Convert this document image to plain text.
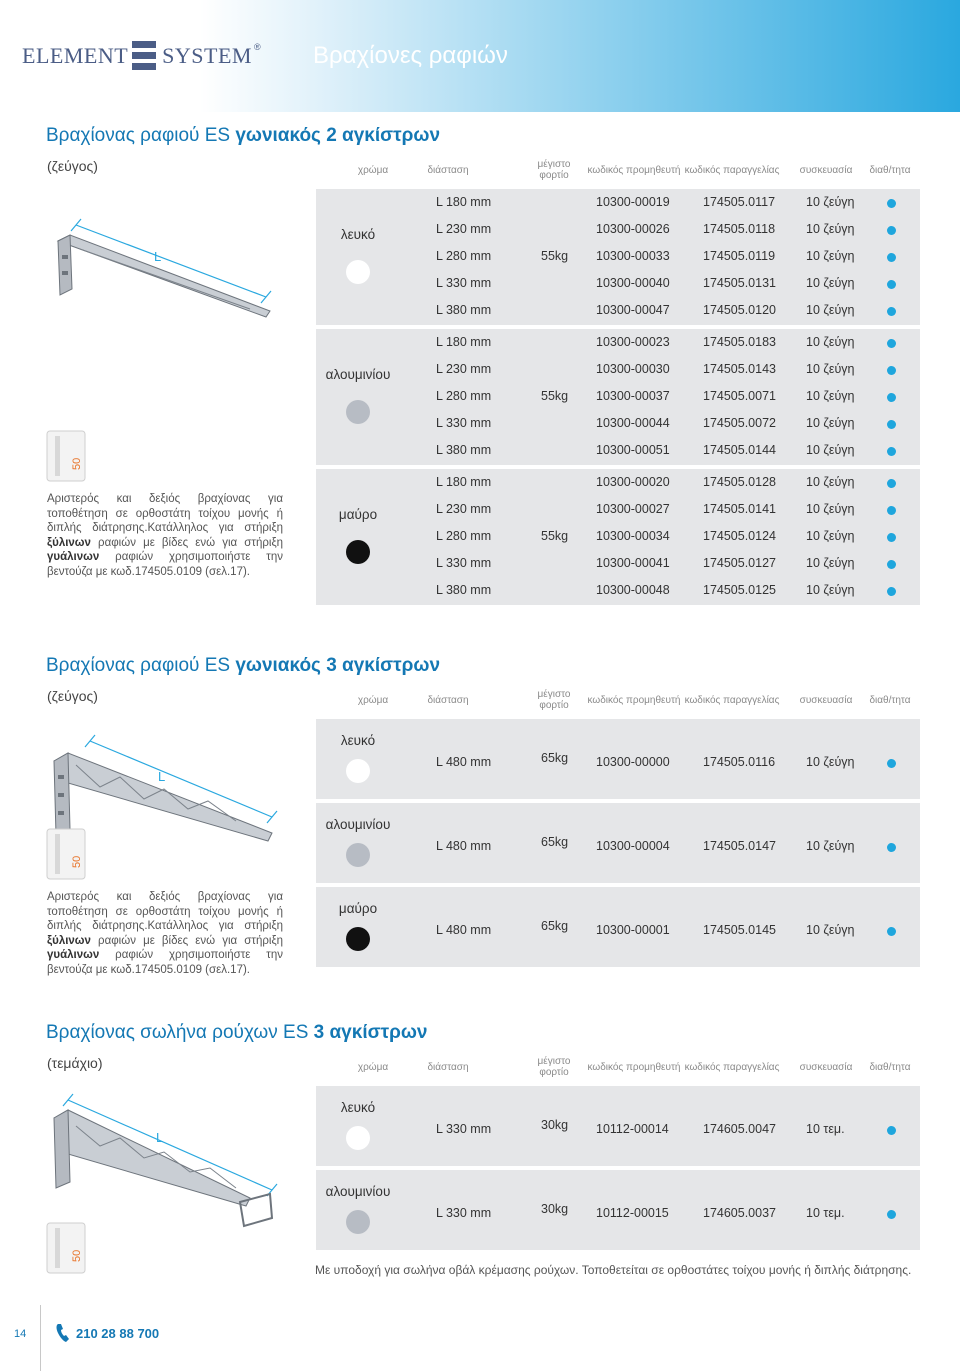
ELEMENT SYSTEM ® Βραχίονες ραφιών
Βραχίονας ραφιού ES γωνιακός 2 αγκίστρων
(ζεύγος)	χρώμα	διάσταση
μέγιστο
φορτίο κωδικός προμηθευτή κωδικός παραγγελίας συσκευασία διαθ/τητα
L
50
Αριστερός και δεξιός βραχίονας για τοποθέτηση σε ορθοστάτη τοίχου μονής ή διπλής διάτρησης.Κατάλληλος για στήριξη ξύλινων ραφιών με βίδες ενώ για στήριξη γυάλινων ραφιών χρησιμοποιήστε την βεντούζα με κωδ.174505.0109 (σελ.17).
λευκό
55kg
L 180 mm	10300-00019	174505.0117 10 ζεύγη
L 230 mm	10300-00026	174505.0118 10 ζεύγη
L 280 mm	10300-00033	174505.0119 10 ζεύγη
L 330 mm	10300-00040	174505.0131 10 ζεύγη
L 380 mm	10300-00047	174505.0120 10 ζεύγη
αλουμινίου
55kg
L 180 mm	10300-00023	174505.0183 10 ζεύγη
L 230 mm	10300-00030	174505.0143 10 ζεύγη
L 280 mm	10300-00037	174505.0071 10 ζεύγη
L 330 mm	10300-00044	174505.0072 10 ζεύγη
L 380 mm	10300-00051	174505.0144 10 ζεύγη
μαύρο
55kg
L 180 mm	10300-00020	174505.0128 10 ζεύγη
L 230 mm	10300-00027	174505.0141 10 ζεύγη
L 280 mm	10300-00034	174505.0124 10 ζεύγη
L 330 mm	10300-00041	174505.0127 10 ζεύγη
L 380 mm	10300-00048	174505.0125 10 ζεύγη
Βραχίονας ραφιού ES γωνιακός 3 αγκίστρων
(ζεύγος)	χρώμα	διάσταση
μέγιστο
φορτίο κωδικός προμηθευτή κωδικός παραγγελίας συσκευασία διαθ/τητα
L
50
Αριστερός και δεξιός βραχίονας για τοποθέτηση σε ορθοστάτη τοίχου μονής ή διπλής διάτρησης.Κατάλληλος για στήριξη ξύλινων ραφιών με βίδες ενώ για στήριξη γυάλινων ραφιών χρησιμοποιήστε την βεντούζα με κωδ.174505.0109 (σελ.17).
λευκό
65kg
L 480 mm	10300-00000	174505.0116 10 ζεύγη
αλουμινίου
65kg
L 480 mm	10300-00004	174505.0147 10 ζεύγη
μαύρο
65kg
L 480 mm	10300-00001	174505.0145 10 ζεύγη
Βραχίονας σωλήνα ρούχων ES 3 αγκίστρων
(τεμάχιο)	χρώμα	διάσταση
μέγιστο
φορτίο κωδικός προμηθευτή κωδικός παραγγελίας συσκευασία διαθ/τητα
L
50
λευκό
30kg
L 330 mm	10112-00014	174605.0047 10 τεμ.
αλουμινίου
30kg
L 330 mm	10112-00015	174605.0037 10 τεμ.
Με υποδοχή για σωλήνα οβάλ κρέμασης ρούχων. Τοποθετείται σε ορθοστάτες τοίχου μονής ή διπλής διάτρησης.
14	210 28 88 700
